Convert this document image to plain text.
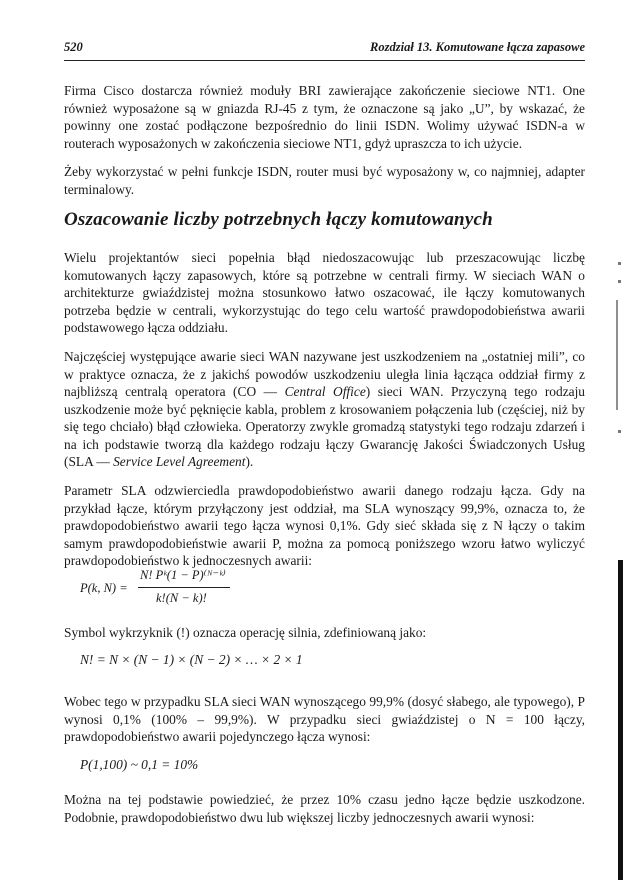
520	Rozdział 13. Komutowane łącza zapasowe

Firma Cisco dostarcza również moduły BRI zawierające zakończenie sieciowe NT1. One również wyposażone są w gniazda RJ-45 z tym, że oznaczone są jako „U”, by wskazać, że powinny one zostać podłączone bezpośrednio do linii ISDN. Wolimy używać ISDN-a w routerach wyposażonych w zakończenia sieciowe NT1, gdyż upraszcza to ich użycie.

Żeby wykorzystać w pełni funkcje ISDN, router musi być wyposażony w, co najmniej, adapter terminalowy.

Oszacowanie liczby potrzebnych łączy komutowanych

Wielu projektantów sieci popełnia błąd niedoszacowując lub przeszacowując liczbę komutowanych łączy zapasowych, które są potrzebne w centrali firmy. W sieciach WAN o architekturze gwiaździstej można stosunkowo łatwo oszacować, ile łączy komutowanych potrzeba będzie w centrali, wykorzystując do tego celu wartość prawdopodobieństwa awarii podstawowego łącza oddziału.

Najczęściej występujące awarie sieci WAN nazywane jest uszkodzeniem na „ostatniej mili”, co w praktyce oznacza, że z jakichś powodów uszkodzeniu uległa linia łącząca oddział firmy z najbliższą centralą operatora (CO — Central Office) sieci WAN. Przyczyną tego rodzaju uszkodzenie może być pęknięcie kabla, problem z krosowaniem połączenia lub (częściej, niż by się tego chciało) błąd człowieka. Operatorzy zwykle gromadzą statystyki tego rodzaju zdarzeń i na ich podstawie tworzą dla każdego rodzaju łączy Gwarancję Jakości Świadczonych Usług (SLA — Service Level Agreement).

Parametr SLA odzwierciedla prawdopodobieństwo awarii danego rodzaju łącza. Gdy na przykład łącze, którym przyłączony jest oddział, ma SLA wynoszący 99,9%, oznacza to, że prawdopodobieństwo awarii tego łącza wynosi 0,1%. Gdy sieć składa się z N łączy o takim samym prawdopodobieństwie awarii P, można za pomocą poniższego wzoru łatwo wyliczyć prawdopodobieństwo k jednoczesnych awarii:

P(k, N) =
N! Pᵏ(1 − P)⁽ᴺ⁻ᵏ⁾
k!(N − k)!

Symbol wykrzyknik (!) oznacza operację silnia, zdefiniowaną jako:

N! = N × (N − 1) × (N − 2) × … × 2 × 1

Wobec tego w przypadku SLA sieci WAN wynoszącego 99,9% (dosyć słabego, ale typowego), P wynosi 0,1% (100% – 99,9%). W przypadku sieci gwiaździstej o N = 100 łączy, prawdopodobieństwo awarii pojedynczego łącza wynosi:

P(1,100) ~ 0,1 = 10%

Można na tej podstawie powiedzieć, że przez 10% czasu jedno łącze będzie uszkodzone. Podobnie, prawdopodobieństwo dwu lub większej liczby jednoczesnych awarii wynosi:
